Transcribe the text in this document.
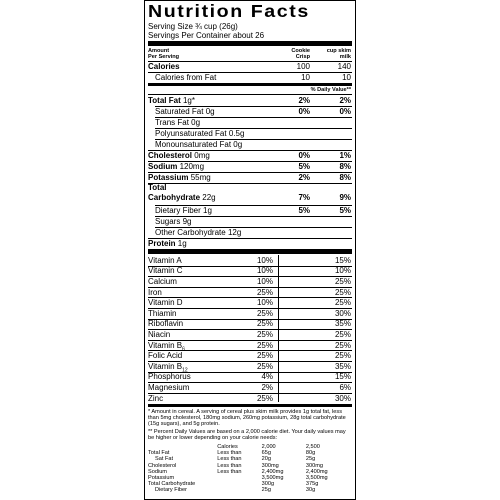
Nutrition Facts
Serving Size ¾ cup (26g)
Servings Per Container about 26
Amount
Per Serving
Cookie
Crisp
with ½
cup skim
milk
Calories	100	140
Calories from Fat	10	10
% Daily Value**
Total Fat 1g*	2%	2%
Saturated Fat 0g	0%	0%
Trans Fat 0g
Polyunsaturated Fat 0.5g
Monounsaturated Fat 0g
Cholesterol 0mg	0%	1%
Sodium 120mg	5%	8%
Potassium 55mg	2%	8%
Total
Carbohydrate 22g	7%	9%
Dietary Fiber 1g	5%	5%
Sugars 9g
Other Carbohydrate 12g
Protein 1g
Vitamin A	10%	15%
Vitamin C	10%	10%
Calcium	10%	25%
Iron	25%	25%
Vitamin D	10%	25%
Thiamin	25%	30%
Riboflavin	25%	35%
Niacin	25%	25%
Vitamin $B_6$	25%	25%
Folic Acid	25%	25%
Vitamin $B_{12}$	25%	35%
Phosphorus	4%	15%
Magnesium	2%	6%
Zinc	25%	30%
* Amount in cereal. A serving of cereal plus skim milk provides 1g total fat, less than 5mg cholesterol, 180mg sodium, 260mg potassium, 28g total carbohydrate (15g sugars), and 5g protein.
** Percent Daily Values are based on a 2,000 calorie diet. Your daily values may be higher or lower depending on your calorie needs:
	Calories	2,000	2,500
Total Fat	Less than	65g	80g
Sat Fat	Less than	20g	25g
Cholesterol	Less than	300mg	300mg
Sodium	Less than	2,400mg	2,400mg
Potassium		3,500mg	3,500mg
Total Carbohydrate		300g	375g
Dietary Fiber		25g	30g
